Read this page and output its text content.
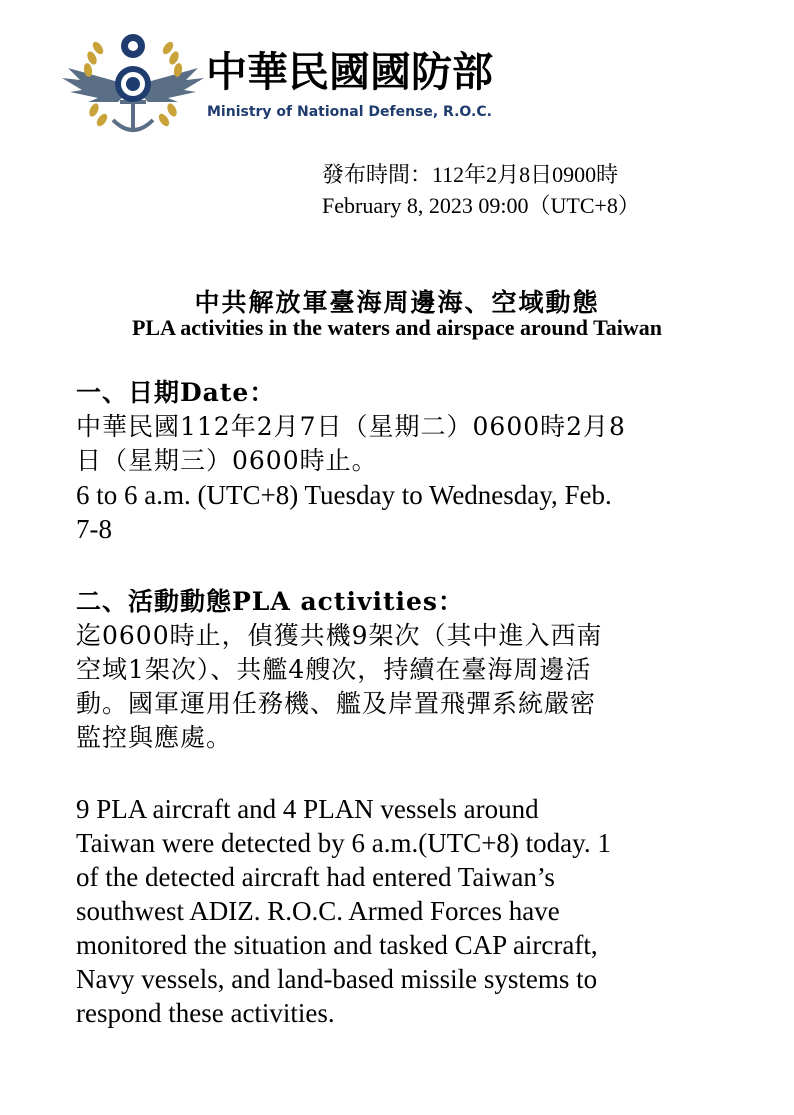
中華民國國防部
Ministry of National Defense, R.O.C.
發布時間：112年2月8日0900時
February 8, 2023 09:00（UTC+8）
中共解放軍臺海周邊海、空域動態
PLA activities in the waters and airspace around Taiwan
一、日期Date：
中華民國112年2月7日（星期二）0600時2月8
日（星期三）0600時止。
6 to 6 a.m. (UTC+8) Tuesday to Wednesday, Feb.
7-8
二、活動動態PLA activities：
迄0600時止，偵獲共機9架次（其中進入西南
空域1架次）、共艦4艘次，持續在臺海周邊活
動。國軍運用任務機、艦及岸置飛彈系統嚴密
監控與應處。
9 PLA aircraft and 4 PLAN vessels around
Taiwan were detected by 6 a.m.(UTC+8) today. 1
of the detected aircraft had entered Taiwan’s
southwest ADIZ. R.O.C. Armed Forces have
monitored the situation and tasked CAP aircraft,
Navy vessels, and land-based missile systems to
respond these activities.
